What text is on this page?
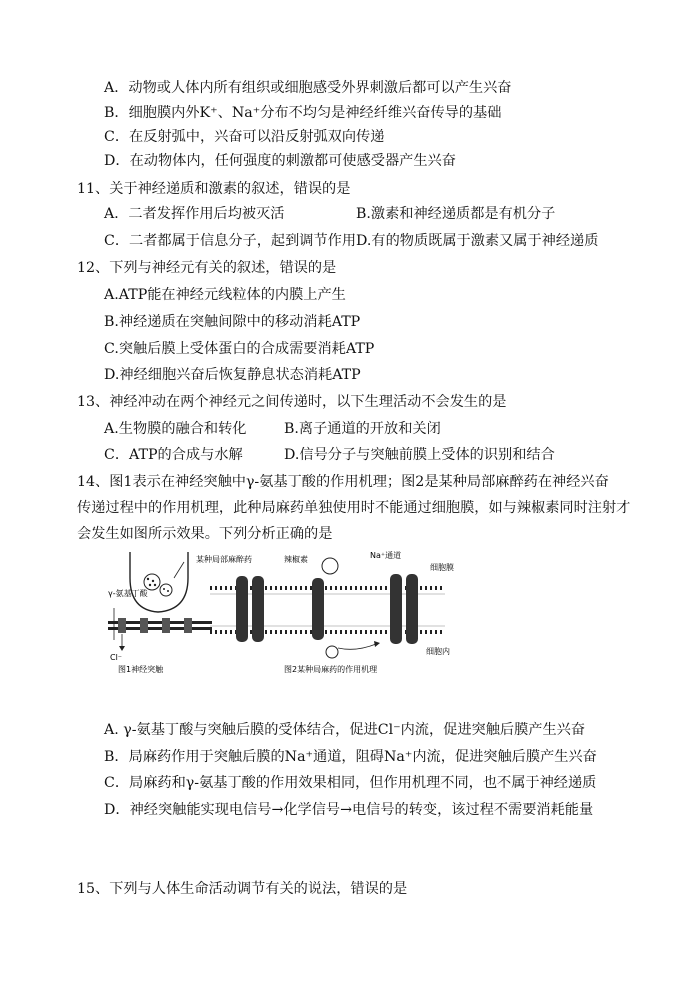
A．动物或人体内所有组织或细胞感受外界刺激后都可以产生兴奋
B．细胞膜内外K⁺、Na⁺分布不均匀是神经纤维兴奋传导的基础
C．在反射弧中，兴奋可以沿反射弧双向传递
D．在动物体内，任何强度的刺激都可使感受器产生兴奋
11、关于神经递质和激素的叙述，错误的是
A．二者发挥作用后均被灭活	B.激素和神经递质都是有机分子
C．二者都属于信息分子，起到调节作用 D.有的物质既属于激素又属于神经递质
12、下列与神经元有关的叙述，错误的是
A.ATP能在神经元线粒体的内膜上产生
B.神经递质在突触间隙中的移动消耗ATP
C.突触后膜上受体蛋白的合成需要消耗ATP
D.神经细胞兴奋后恢复静息状态消耗ATP
13、神经冲动在两个神经元之间传递时，以下生理活动不会发生的是
A.生物膜的融合和转化	B.离子通道的开放和关闭
C．ATP的合成与水解	D.信号分子与突触前膜上受体的识别和结合
14、图1表示在神经突触中γ-氨基丁酸的作用机理；图2是某种局部麻醉药在神经兴奋
传递过程中的作用机理，此种局麻药单独使用时不能通过细胞膜，如与辣椒素同时注射才
会发生如图所示效果。下列分析正确的是
γ-氨基丁酸
Cl⁻
图1神经突触
某种局部麻醉药	辣椒素	Na⁺通道
细胞膜
细胞内
图2某种局麻药的作用机理
A. γ-氨基丁酸与突触后膜的受体结合，促进Cl⁻内流，促进突触后膜产生兴奋
B．局麻药作用于突触后膜的Na⁺通道，阻碍Na⁺内流，促进突触后膜产生兴奋
C．局麻药和γ-氨基丁酸的作用效果相同，但作用机理不同，也不属于神经递质
D．神经突触能实现电信号→化学信号→电信号的转变，该过程不需要消耗能量
15、下列与人体生命活动调节有关的说法，错误的是
